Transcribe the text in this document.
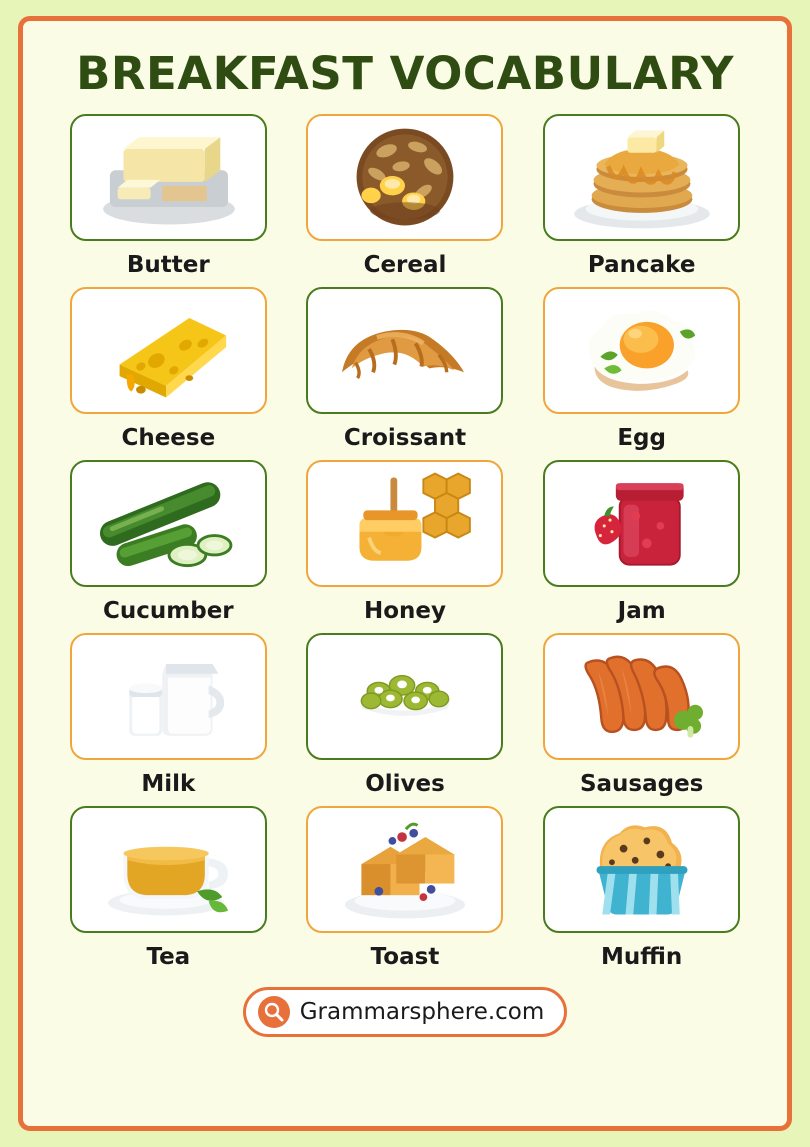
BREAKFAST VOCABULARY
Butter	Cereal	Pancake
Cheese	Croissant	Egg
Cucumber	Honey	Jam
Milk	Olives	Sausages
Tea	Toast	Muffin
Grammarsphere.com
